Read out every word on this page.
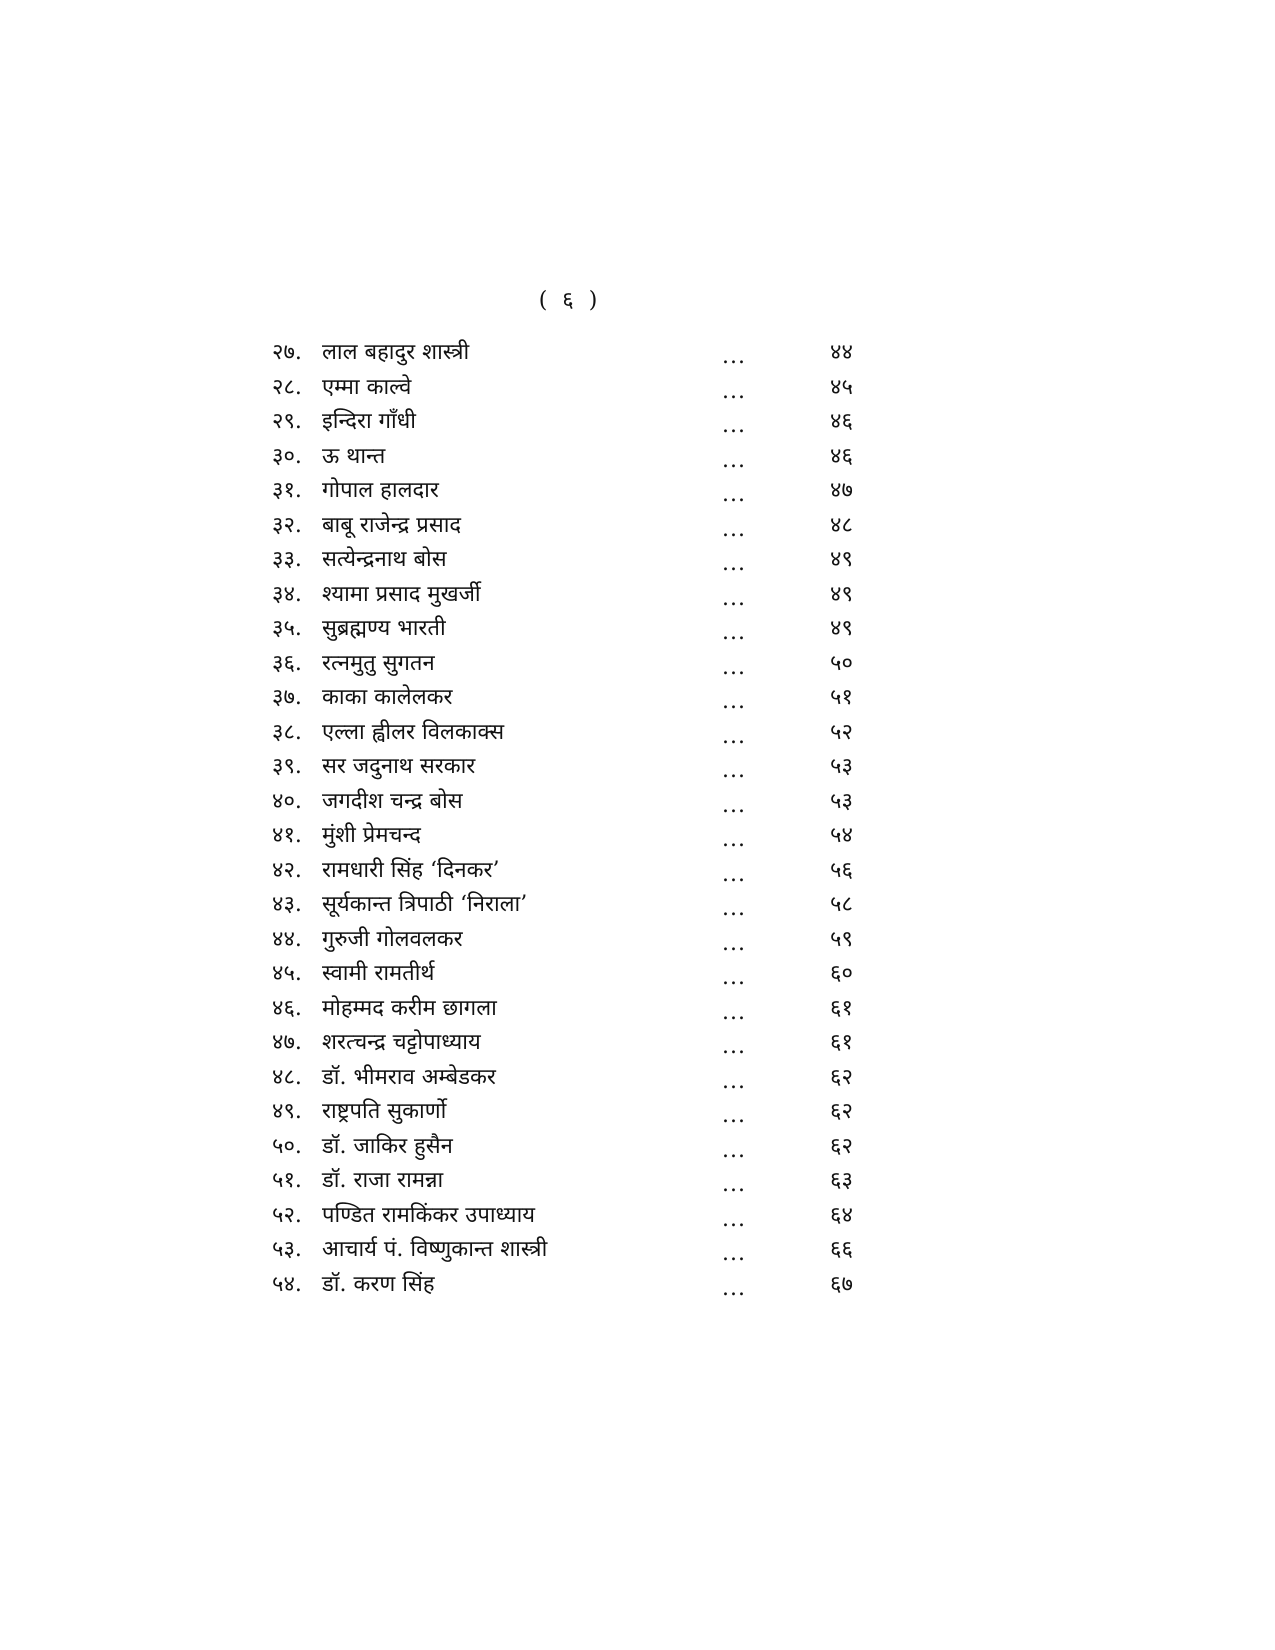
( ६ )
२७. लाल बहादुर शास्त्री	...	४४
२८. एम्मा काल्वे	...	४५
२९. इन्दिरा गाँधी	...	४६
३०. ऊ थान्त	...	४६
३१. गोपाल हालदार	...	४७
३२. बाबू राजेन्द्र प्रसाद	...	४८
३३. सत्येन्द्रनाथ बोस	...	४९
३४. श्यामा प्रसाद मुखर्जी	...	४९
३५. सुब्रह्मण्य भारती	...	४९
३६. रत्नमुतु सुगतन	...	५०
३७. काका कालेलकर	...	५१
३८. एल्ला ह्वीलर विलकाक्स	...	५२
३९. सर जदुनाथ सरकार	...	५३
४०. जगदीश चन्द्र बोस	...	५३
४१. मुंशी प्रेमचन्द	...	५४
४२. रामधारी सिंह ‘दिनकर’	...	५६
४३. सूर्यकान्त त्रिपाठी ‘निराला’	...	५८
४४. गुरुजी गोलवलकर	...	५९
४५. स्वामी रामतीर्थ	...	६०
४६. मोहम्मद करीम छागला	...	६१
४७. शरत्चन्द्र चट्टोपाध्याय	...	६१
४८. डॉ. भीमराव अम्बेडकर	...	६२
४९. राष्ट्रपति सुकार्णो	...	६२
५०. डॉ. जाकिर हुसैन	...	६२
५१. डॉ. राजा रामन्ना	...	६३
५२. पण्डित रामकिंकर उपाध्याय	...	६४
५३. आचार्य पं. विष्णुकान्त शास्त्री	...	६६
५४. डॉ. करण सिंह	...	६७
